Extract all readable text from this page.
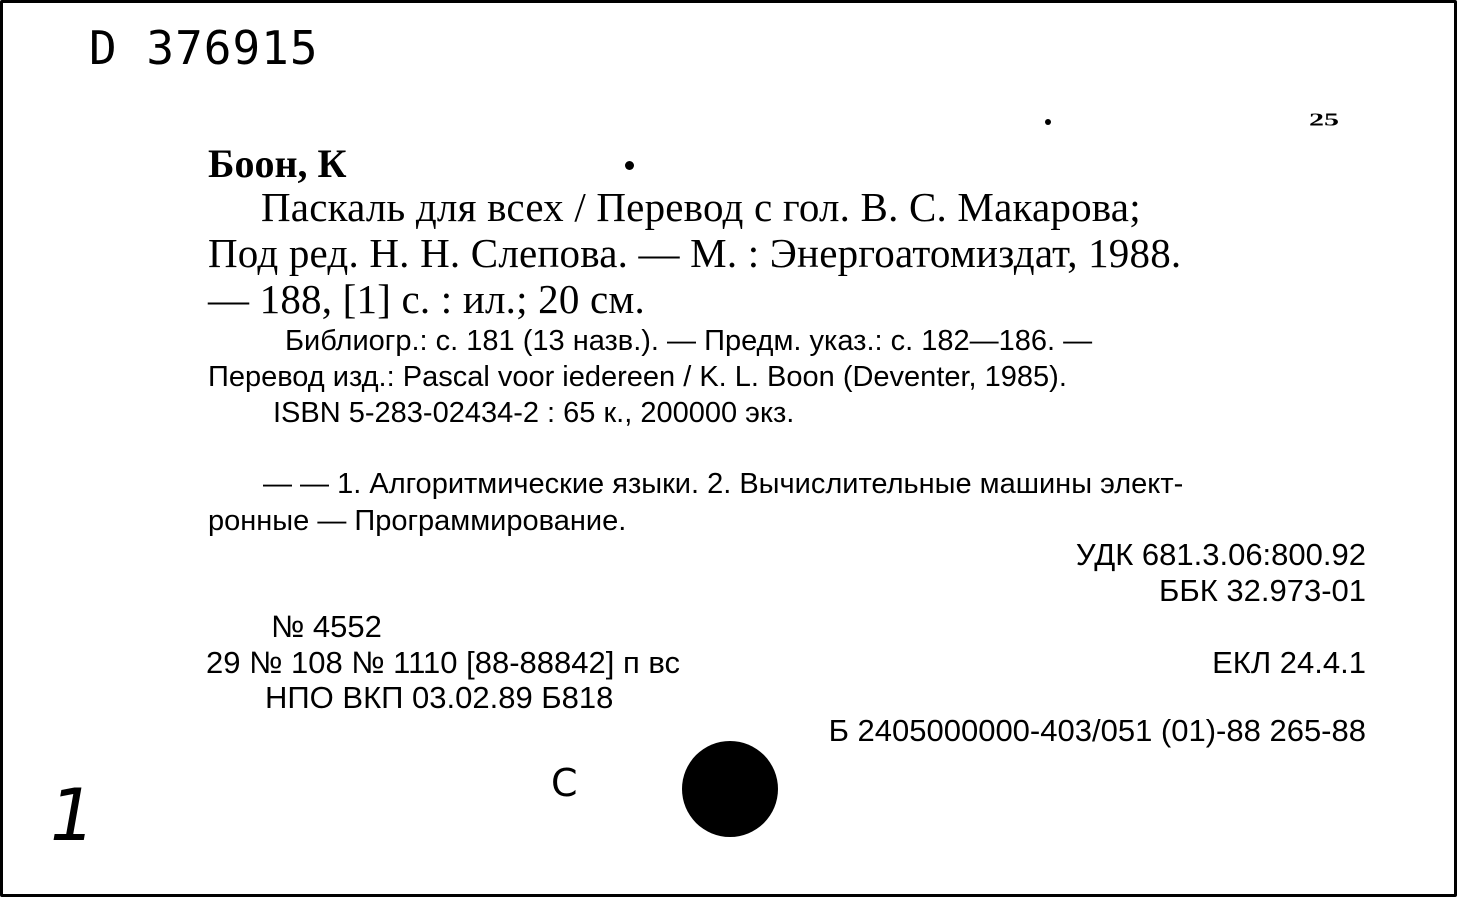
D 376915
25
Боон, К
Паскаль для всех / Перевод с гол. В. С. Макарова;
Под ред. Н. Н. Слепова. — М. : Энергоатомиздат, 1988.
— 188, [1] с. : ил.; 20 см.
Библиогр.: с. 181 (13 назв.). — Предм. указ.: с. 182—186. —
Перевод изд.: Pascal voor iedereen / K. L. Boon (Deventer, 1985).
ISBN 5-283-02434-2 : 65 к., 200000 экз.
— — 1. Алгоритмические языки. 2. Вычислительные машины элект-
ронные — Программирование.
УДК 681.3.06:800.92
ББК 32.973-01
№ 4552
29 № 108 № 1110 [88-88842] п вс	ЕКЛ 24.4.1
НПО ВКП 03.02.89 Б818
Б 2405000000-403/051 (01)-88 265-88
С
1
